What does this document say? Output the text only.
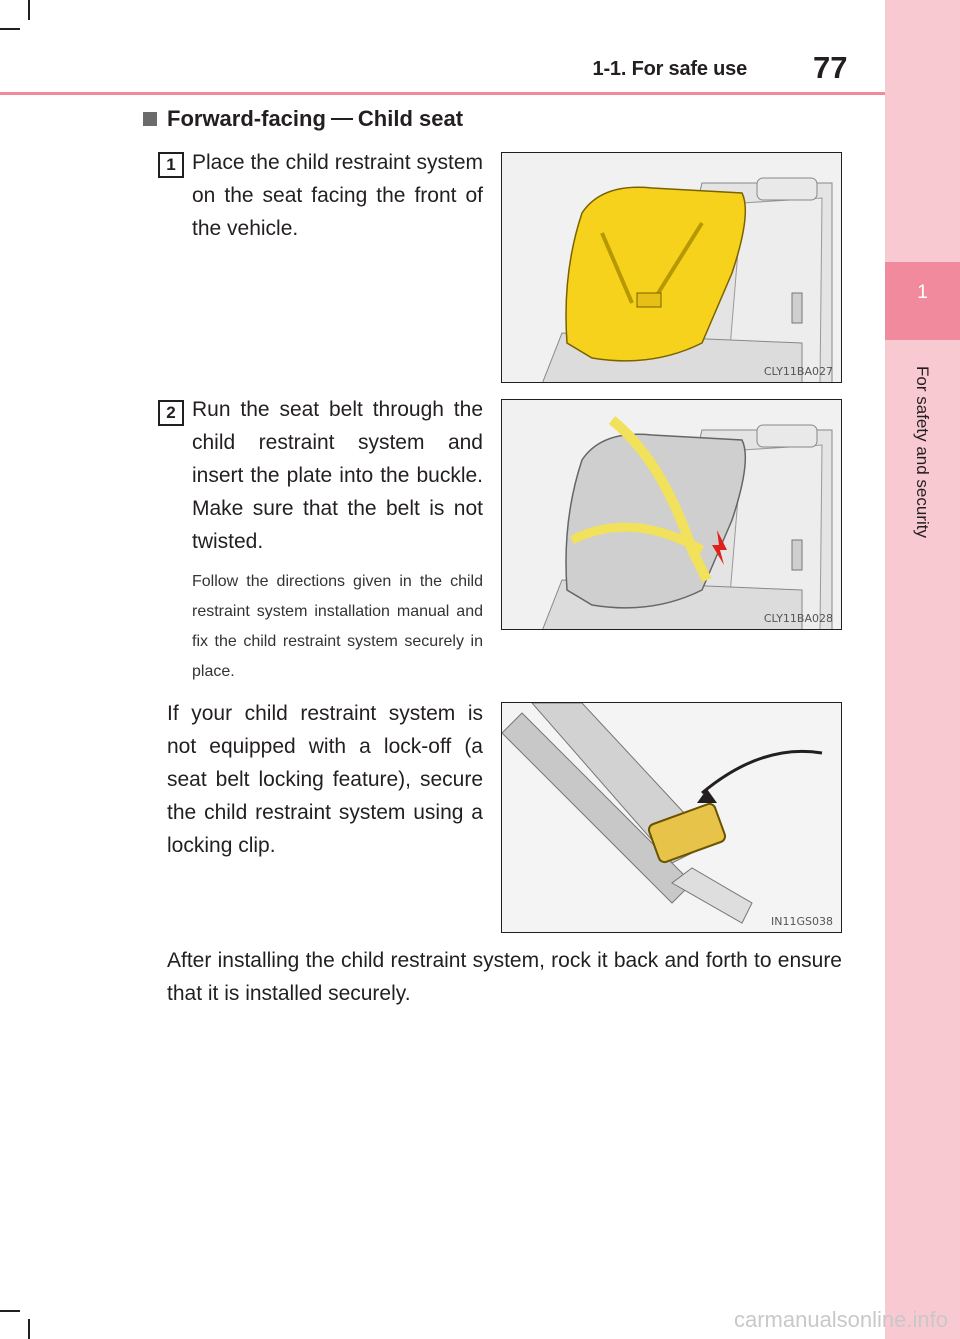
1
For safety and security
1-1. For safe use 77
Forward-facing Child seat
1 Place the child restraint system on the seat facing the front of the vehicle.
CLY11BA027
2 Run the seat belt through the child restraint system and insert the plate into the buckle. Make sure that the belt is not twisted.
Follow the directions given in the child restraint system installation manual and fix the child restraint system securely in place.
CLY11BA028
If your child restraint system is not equipped with a lock-off (a seat belt locking feature), secure the child restraint system using a locking clip.
IN11GS038
After installing the child restraint system, rock it back and forth to ensure that it is installed securely.
carmanualsonline.info
